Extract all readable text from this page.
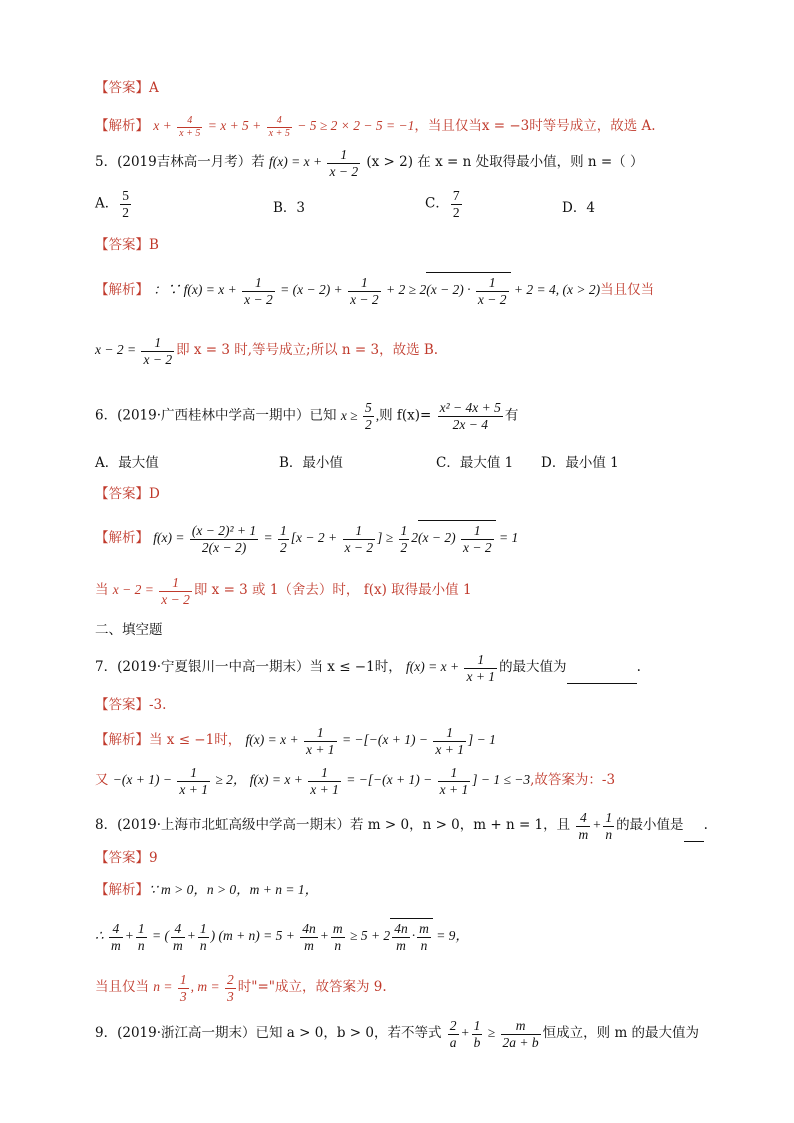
【答案】A
【解析】 $x + \frac{4}{x + 5} = x + 5 + \frac{4}{x + 5} - 5 \ge 2 \times 2 - 5 = -1$，当且仅当x = −3时等号成立，故选 A.
5．(2019吉林高一月考）若 $f(x) = x + \frac{1}{x - 2} (x > 2)$ 在 x = n 处取得最小值，则 n =（ ）
A． $\frac{5}{2}$	B．3	C． $\frac{7}{2}$	D．4
【答案】B
【解析】 ：∵ $f(x) = x + \frac{1}{x - 2} = (x - 2) + \frac{1}{x - 2} + 2 \ge 2(x - 2) \cdot \frac{1}{x - 2} + 2 = 4$, (x > 2)当且仅当
$x - 2 = \frac{1}{x - 2}$ 即 x = 3 时,等号成立;所以 n = 3，故选 B.
6．(2019·广西桂林中学高一期中）已知 $x \ge \frac{5}{2}$ ,则 $f(x)= \frac{\text{x² − 4x + 5}}{2x - 4}$ 有
A．最大值	B．最小值	C．最大值 1 D．最小值 1
【答案】D
【解析】 $f(x) = \frac{\text{(x − 2)² + 1}}{2(x - 2)} = \frac{1}{2} [x - 2 + \frac{1}{x - 2}$ ] ≥ $\frac{1}{2} 2(x - 2) \frac{1}{x - 2} = 1$
当 $x - 2 = \frac{1}{x - 2}$ 即 x = 3 或 1（舍去）时， f(x) 取得最小值 1
二、填空题
7．(2019·宁夏银川一中高一期末）当 x ≤ −1时， $f(x) = x + \frac{1}{x + 1}$ 的最大值为	.
【答案】-3.
【解析】当 x ≤ −1时， $f(x) = x + \frac{1}{x + 1} = -[-(x + 1) - \frac{1}{x + 1}$ ] − 1
又 $-(x + 1) - \frac{1}{x + 1} \ge 2$， $f(x) = x + \frac{1}{x + 1} = -[-(x + 1) - \frac{1}{x + 1}$ ] − 1 ≤ −3,故答案为：-3
8．(2019·上海市北虹高级中学高一期末）若 m > 0，n > 0，m + n = 1，且 $\frac{4}{m} + \frac{1}{n}$ 的最小值是 .
【答案】9
【解析】∵ m > 0，n > 0，m + n = 1，
∴ $\frac{4}{m} + \frac{1}{n}$ = ( $\frac{4}{m} + \frac{1}{n}$ ) $(m + n) = 5 + \frac{4n}{m} + \frac{m}{n} \ge 5 + 2 \frac{4n}{m} \cdot \frac{m}{n} = 9$，
当且仅当 $n = \frac{1}{3}$ , $m = \frac{2}{3}$ 时"="成立，故答案为 9.
9．(2019·浙江高一期末）已知 a > 0，b > 0，若不等式 $\frac{2}{a} + \frac{1}{b} \ge \frac{m}{2a + b}$ 恒成立，则 m 的最大值为
